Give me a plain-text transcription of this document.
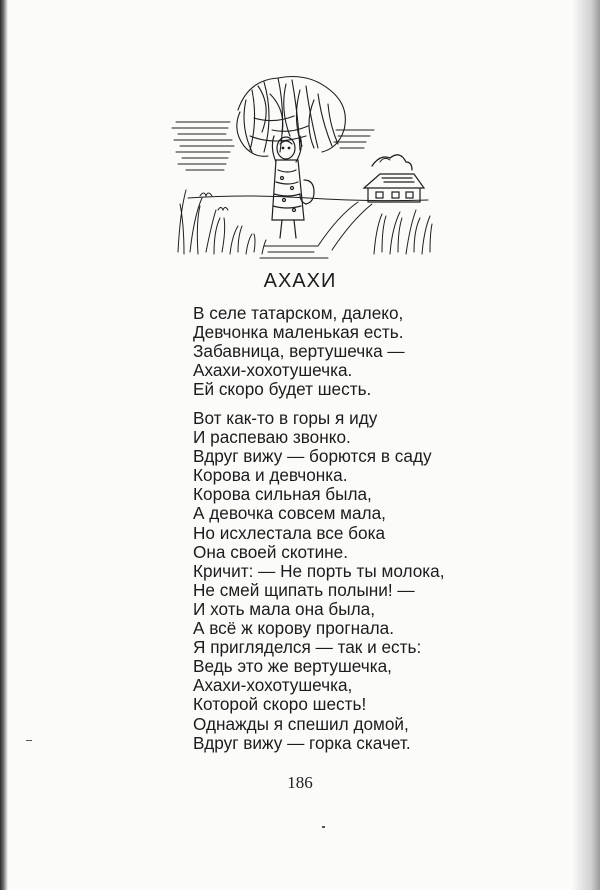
АХАХИ
В селе татарском, далеко,
Девчонка маленькая есть.
Забавница, вертушечка —
Ахахи-хохотушечка.
Ей скоро будет шесть.
Вот как-то в горы я иду
И распеваю звонко.
Вдруг вижу — борются в саду
Корова и девчонка.
Корова сильная была,
А девочка совсем мала,
Но исхлестала все бока
Она своей скотине.
Кричит: — Не порть ты молока,
Не смей щипать полыни! —
И хоть мала она была,
А всё ж корову прогнала.
Я пригляделся — так и есть:
Ведь это же вертушечка,
Ахахи-хохотушечка,
Которой скоро шесть!
Однажды я спешил домой,
Вдруг вижу — горка скачет.
186
